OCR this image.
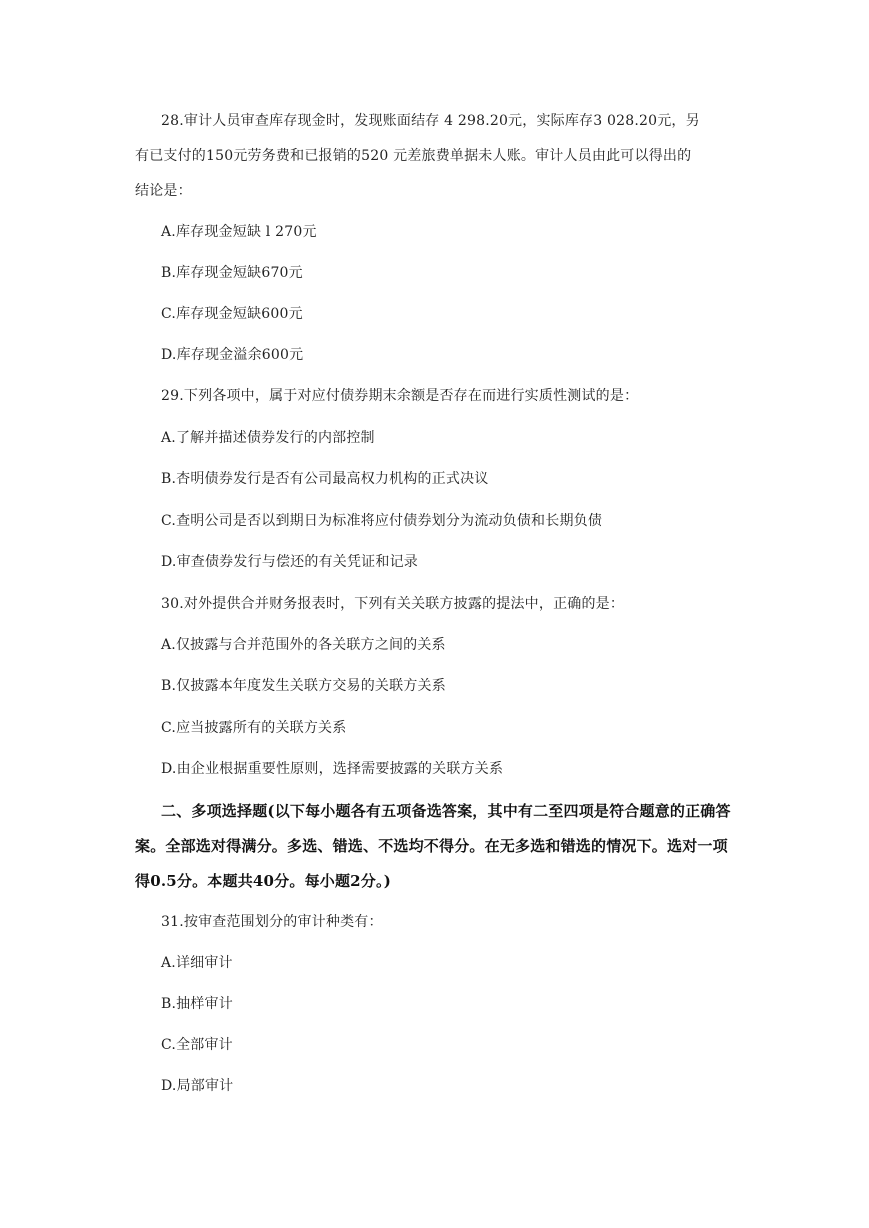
28.审计人员审查库存现金时，发现账面结存 4 298.20元，实际库存3 028.20元，另
有已支付的150元劳务费和已报销的520 元差旅费单据未人账。审计人员由此可以得出的
结论是：
A.库存现金短缺 l 270元
B.库存现金短缺670元
C.库存现金短缺600元
D.库存现金溢余600元
29.下列各项中，属于对应付债券期末余额是否存在而进行实质性测试的是：
A.了解并描述债券发行的内部控制
B.杏明债券发行是否有公司最高权力机构的正式决议
C.查明公司是否以到期日为标准将应付债券划分为流动负债和长期负债
D.审查债券发行与偿还的有关凭证和记录
30.对外提供合并财务报表时，下列有关关联方披露的提法中，正确的是：
A.仅披露与合并范围外的各关联方之间的关系
B.仅披露本年度发生关联方交易的关联方关系
C.应当披露所有的关联方关系
D.由企业根据重要性原则，选择需要披露的关联方关系
二、多项选择题(以下每小题各有五项备选答案，其中有二至四项是符合题意的正确答
案。全部选对得满分。多选、错选、不选均不得分。在无多选和错选的情况下。选对一项
得0.5分。本题共40分。每小题2分。)
31.按审查范围划分的审计种类有：
A.详细审计
B.抽样审计
C.全部审计
D.局部审计
